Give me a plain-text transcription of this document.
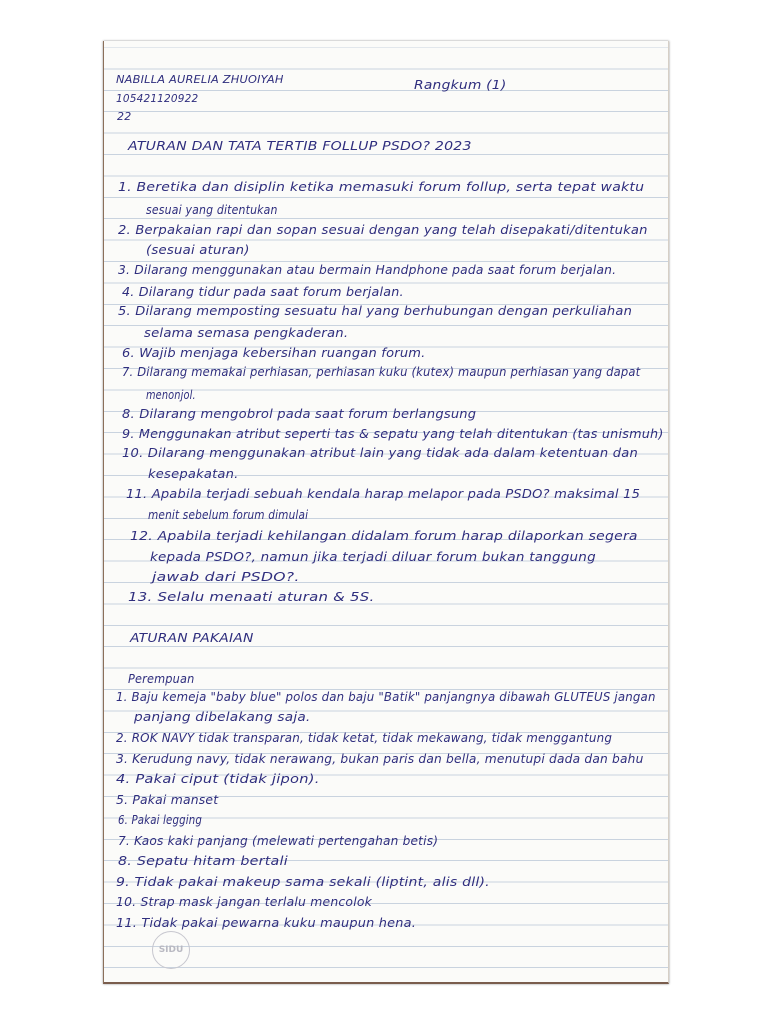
NABILLA AURELIA ZHUOIYAH

105421120922

22

Rangkum (1)

ATURAN DAN TATA TERTIB FOLLUP PSDO? 2023

1. Beretika dan disiplin ketika memasuki forum follup, serta tepat waktu

sesuai yang ditentukan

2. Berpakaian rapi dan sopan sesuai dengan yang telah disepakati/ditentukan

(sesuai aturan)

3. Dilarang menggunakan atau bermain Handphone pada saat forum berjalan.

4. Dilarang tidur pada saat forum berjalan.

5. Dilarang memposting sesuatu hal yang berhubungan dengan perkuliahan

selama semasa pengkaderan.

6. Wajib menjaga kebersihan ruangan forum.

7. Dilarang memakai perhiasan, perhiasan kuku (kutex) maupun perhiasan yang dapat

menonjol.

8. Dilarang mengobrol pada saat forum berlangsung

9. Menggunakan atribut seperti tas & sepatu yang telah ditentukan (tas unismuh)

10. Dilarang menggunakan atribut lain yang tidak ada dalam ketentuan dan

kesepakatan.

11. Apabila terjadi sebuah kendala harap melapor pada PSDO? maksimal 15

menit sebelum forum dimulai

12. Apabila terjadi kehilangan didalam forum harap dilaporkan segera

kepada PSDO?, namun jika terjadi diluar forum bukan tanggung

jawab dari PSDO?.

13. Selalu menaati aturan & 5S.

ATURAN PAKAIAN

Perempuan

1. Baju kemeja "baby blue" polos dan baju "Batik" panjangnya dibawah GLUTEUS jangan

panjang dibelakang saja.

2. ROK NAVY tidak transparan, tidak ketat, tidak mekawang, tidak menggantung

3. Kerudung navy, tidak nerawang, bukan paris dan bella, menutupi dada dan bahu

4. Pakai ciput (tidak jipon).

5. Pakai manset

6. Pakai legging

7. Kaos kaki panjang (melewati pertengahan betis)

8. Sepatu hitam bertali

9. Tidak pakai makeup sama sekali (liptint, alis dll).

10. Strap mask jangan terlalu mencolok

11. Tidak pakai pewarna kuku maupun hena.

SIDU
